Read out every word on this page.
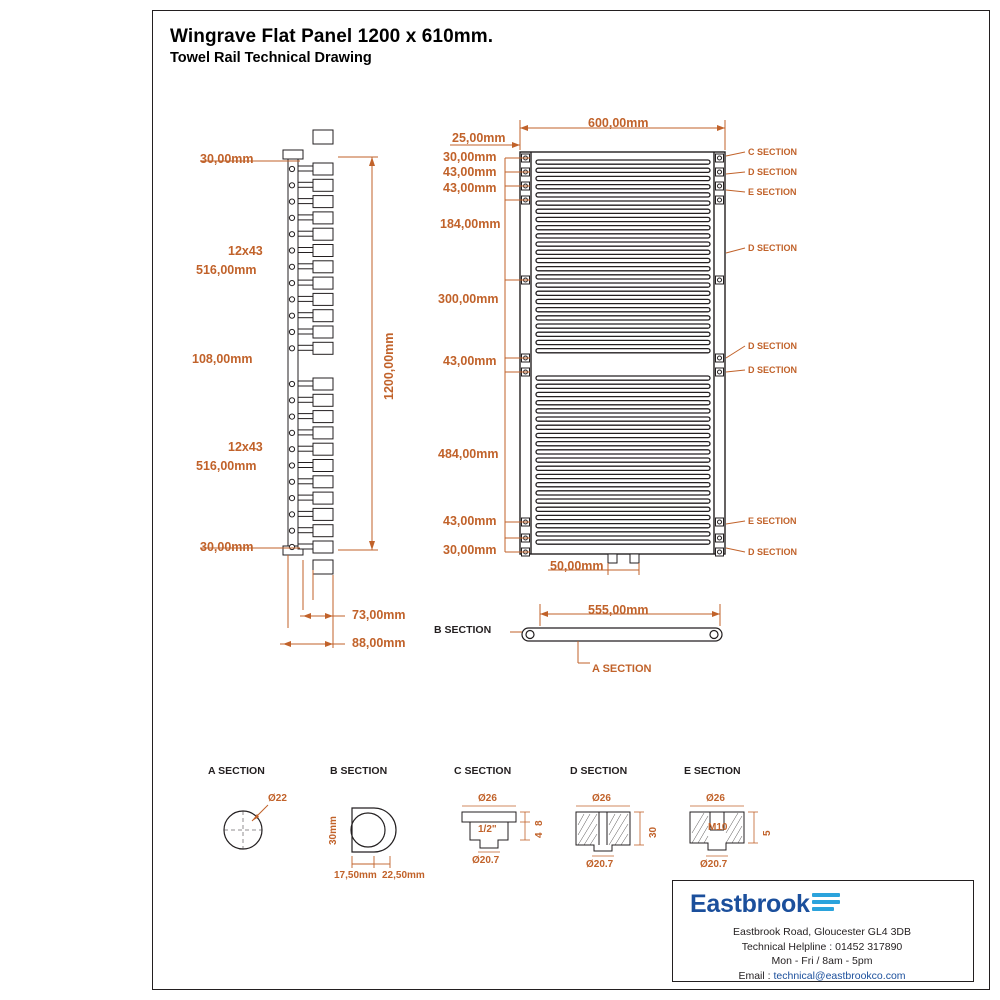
Wingrave Flat Panel 1200 x 610mm.
Towel Rail Technical Drawing
30,00mm
12x43
516,00mm
108,00mm
12x43
516,00mm
30,00mm
1200,00mm
73,00mm
88,00mm
600,00mm
25,00mm
30,00mm
43,00mm
43,00mm
184,00mm
300,00mm
43,00mm
484,00mm
43,00mm
30,00mm
50,00mm
C SECTION
D SECTION
E SECTION
D SECTION
D SECTION
D SECTION
E SECTION
D SECTION
555,00mm
B SECTION
A SECTION
A SECTION
Ø22
B SECTION
30mm
17,50mm 22,50mm
C SECTION
Ø26
1/2"
Ø20.7
4
8
D SECTION
Ø26
Ø20.7
30
E SECTION
Ø26
M10
Ø20.7
5
Eastbrook
Eastbrook Road, Gloucester GL4 3DB
Technical Helpline : 01452 317890
Mon - Fri / 8am - 5pm
Email : technical@eastbrookco.com
